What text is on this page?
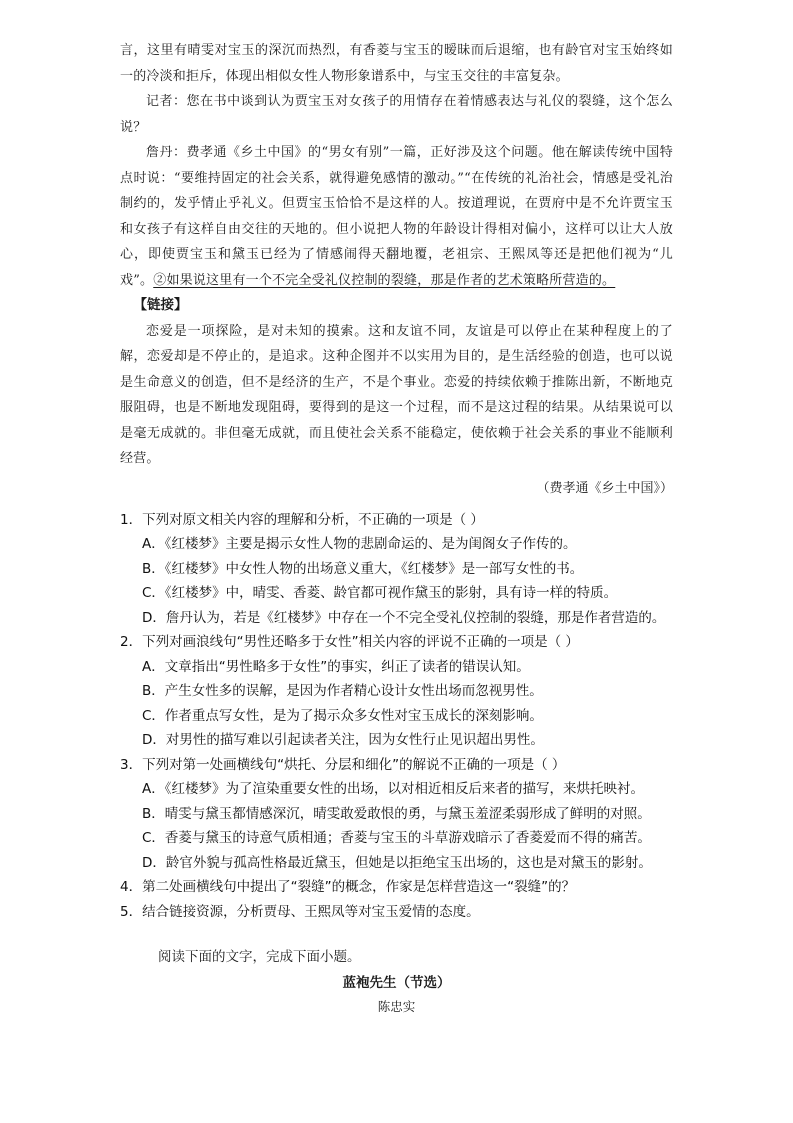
言，这里有晴雯对宝玉的深沉而热烈，有香菱与宝玉的暧昧而后退缩，也有龄官对宝玉始终如一的冷淡和拒斥，体现出相似女性人物形象谱系中，与宝玉交往的丰富复杂。

记者：您在书中谈到认为贾宝玉对女孩子的用情存在着情感表达与礼仪的裂缝，这个怎么说？

詹丹：费孝通《乡土中国》的“男女有别”一篇，正好涉及这个问题。他在解读传统中国特点时说：“要维持固定的社会关系，就得避免感情的激动。”“在传统的礼治社会，情感是受礼治制约的，发乎情止乎礼义。但贾宝玉恰恰不是这样的人。按道理说，在贾府中是不允许贾宝玉和女孩子有这样自由交往的天地的。但小说把人物的年龄设计得相对偏小，这样可以让大人放心，即使贾宝玉和黛玉已经为了情感闹得天翻地覆，老祖宗、王熙凤等还是把他们视为“儿戏”。②如果说这里有一个不完全受礼仪控制的裂缝，那是作者的艺术策略所营造的。

【链接】

恋爱是一项探险，是对未知的摸索。这和友谊不同，友谊是可以停止在某种程度上的了解，恋爱却是不停止的，是追求。这种企图并不以实用为目的，是生活经验的创造，也可以说是生命意义的创造，但不是经济的生产，不是个事业。恋爱的持续依赖于推陈出新，不断地克服阻碍，也是不断地发现阻碍，要得到的是这一个过程，而不是这过程的结果。从结果说可以是毫无成就的。非但毫无成就，而且使社会关系不能稳定，使依赖于社会关系的事业不能顺利经营。

（费孝通《乡土中国》）
1．下列对原文相关内容的理解和分析，不正确的一项是（ ）
A．《红楼梦》主要是揭示女性人物的悲剧命运的、是为闺阁女子作传的。
B．《红楼梦》中女性人物的出场意义重大，《红楼梦》是一部写女性的书。
C．《红楼梦》中，晴雯、香菱、龄官都可视作黛玉的影射，具有诗一样的特质。
D．詹丹认为，若是《红楼梦》中存在一个不完全受礼仪控制的裂缝，那是作者营造的。
2．下列对画浪线句“男性还略多于女性”相关内容的评说不正确的一项是（ ）
A．文章指出“男性略多于女性”的事实，纠正了读者的错误认知。
B．产生女性多的误解，是因为作者精心设计女性出场而忽视男性。
C．作者重点写女性，是为了揭示众多女性对宝玉成长的深刻影响。
D．对男性的描写难以引起读者关注，因为女性行止见识超出男性。
3．下列对第一处画横线句“烘托、分层和细化”的解说不正确的一项是（ ）
A．《红楼梦》为了渲染重要女性的出场，以对相近相反后来者的描写，来烘托映衬。
B．晴雯与黛玉都情感深沉，晴雯敢爱敢恨的勇，与黛玉羞涩柔弱形成了鲜明的对照。
C．香菱与黛玉的诗意气质相通；香菱与宝玉的斗草游戏暗示了香菱爱而不得的痛苦。
D．龄官外貌与孤高性格最近黛玉，但她是以拒绝宝玉出场的，这也是对黛玉的影射。
4．第二处画横线句中提出了“裂缝”的概念，作家是怎样营造这一“裂缝”的？
5．结合链接资源，分析贾母、王熙凤等对宝玉爱情的态度。
阅读下面的文字，完成下面小题。
蓝袍先生（节选）
陈忠实
